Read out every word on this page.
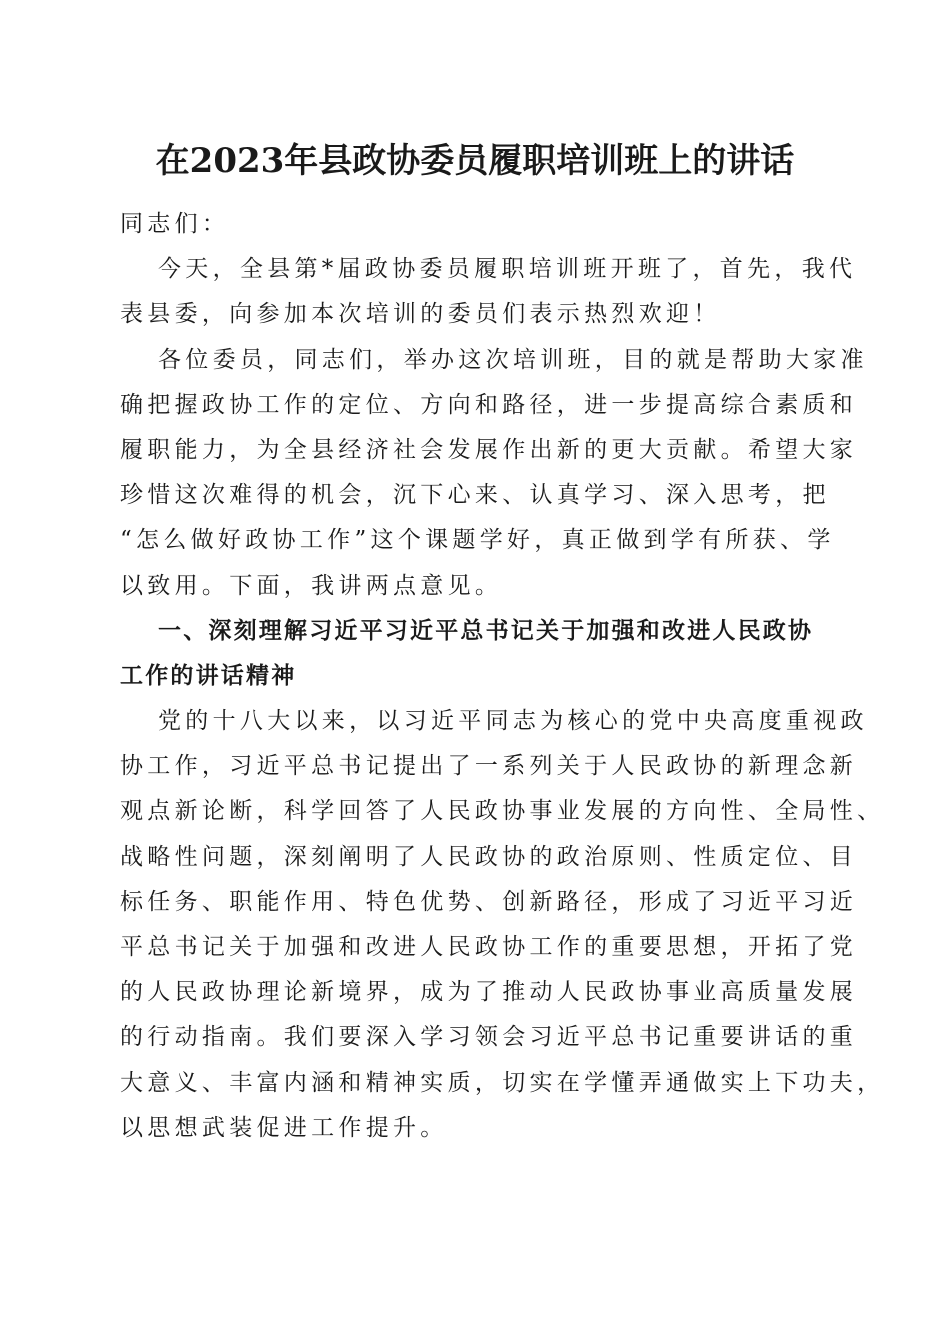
在2023年县政协委员履职培训班上的讲话
同志们：
今天，全县第*届政协委员履职培训班开班了，首先，我代
表县委，向参加本次培训的委员们表示热烈欢迎！
各位委员，同志们，举办这次培训班，目的就是帮助大家准
确把握政协工作的定位、方向和路径，进一步提高综合素质和
履职能力，为全县经济社会发展作出新的更大贡献。希望大家
珍惜这次难得的机会，沉下心来、认真学习、深入思考，把
“怎么做好政协工作”这个课题学好，真正做到学有所获、学
以致用。下面，我讲两点意见。
一、深刻理解习近平习近平总书记关于加强和改进人民政协
工作的讲话精神
党的十八大以来，以习近平同志为核心的党中央高度重视政
协工作，习近平总书记提出了一系列关于人民政协的新理念新
观点新论断，科学回答了人民政协事业发展的方向性、全局性、
战略性问题，深刻阐明了人民政协的政治原则、性质定位、目
标任务、职能作用、特色优势、创新路径，形成了习近平习近
平总书记关于加强和改进人民政协工作的重要思想，开拓了党
的人民政协理论新境界，成为了推动人民政协事业高质量发展
的行动指南。我们要深入学习领会习近平总书记重要讲话的重
大意义、丰富内涵和精神实质，切实在学懂弄通做实上下功夫，
以思想武装促进工作提升。
